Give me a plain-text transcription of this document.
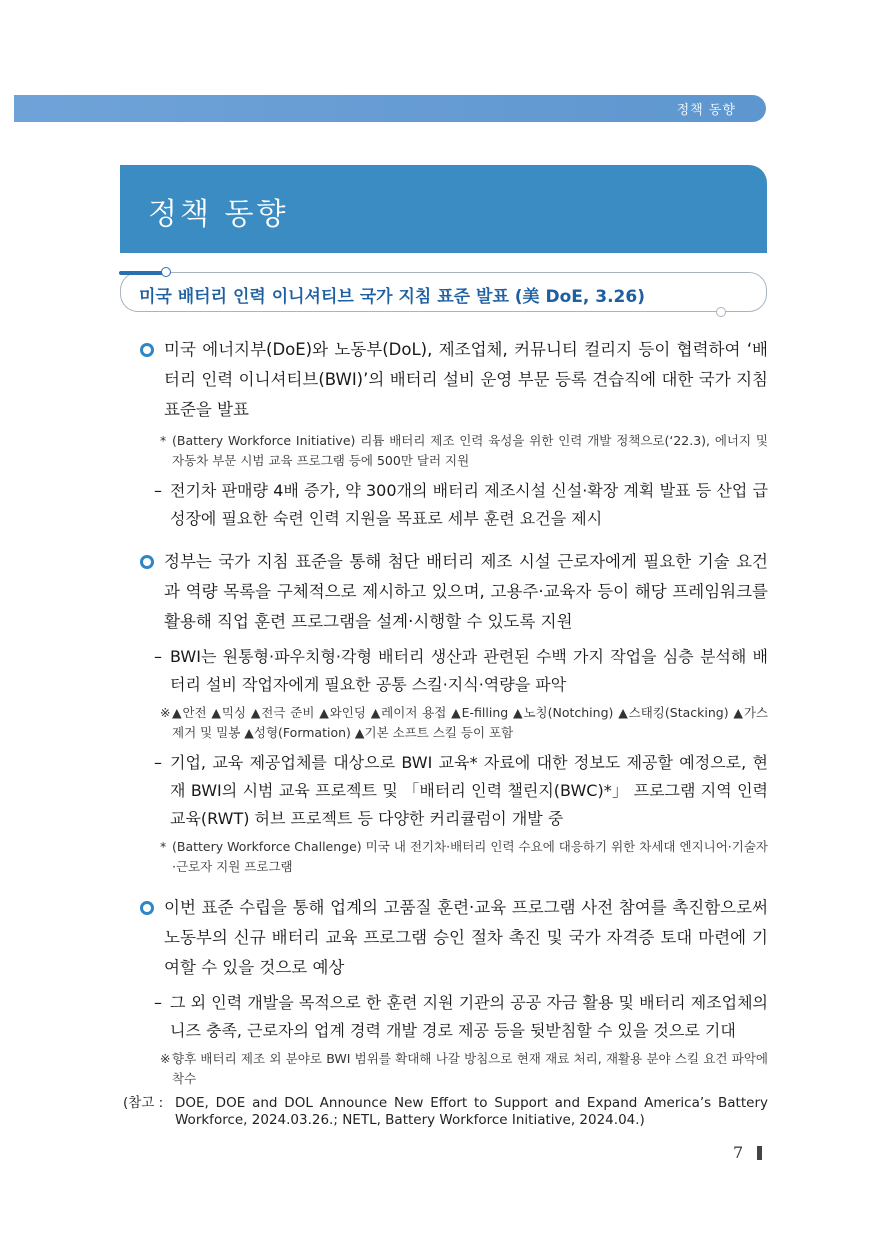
정책 동향
정책 동향
미국 배터리 인력 이니셔티브 국가 지침 표준 발표 (美 DoE, 3.26)
미국 에너지부(DoE)와 노동부(DoL), 제조업체, 커뮤니티 컬리지 등이 협력하여 ‘배터리 인력 이니셔티브(BWI)’의 배터리 설비 운영 부문 등록 견습직에 대한 국가 지침 표준을 발표
* (Battery Workforce Initiative) 리튬 배터리 제조 인력 육성을 위한 인력 개발 정책으로(‘22.3), 에너지 및 자동차 부문 시범 교육 프로그램 등에 500만 달러 지원
– 전기차 판매량 4배 증가, 약 300개의 배터리 제조시설 신설·확장 계획 발표 등 산업 급성장에 필요한 숙련 인력 지원을 목표로 세부 훈련 요건을 제시
정부는 국가 지침 표준을 통해 첨단 배터리 제조 시설 근로자에게 필요한 기술 요건과 역량 목록을 구체적으로 제시하고 있으며, 고용주·교육자 등이 해당 프레임워크를 활용해 직업 훈련 프로그램을 설계·시행할 수 있도록 지원
– BWI는 원통형·파우치형·각형 배터리 생산과 관련된 수백 가지 작업을 심층 분석해 배터리 설비 작업자에게 필요한 공통 스킬·지식·역량을 파악
※ ▲안전 ▲믹싱 ▲전극 준비 ▲와인딩 ▲레이저 용접 ▲E-filling ▲노칭(Notching) ▲스태킹(Stacking) ▲가스 제거 및 밀봉 ▲성형(Formation) ▲기본 소프트 스킬 등이 포함
– 기업, 교육 제공업체를 대상으로 BWI 교육* 자료에 대한 정보도 제공할 예정으로, 현재 BWI의 시범 교육 프로젝트 및 「배터리 인력 챌린지(BWC)*」 프로그램 지역 인력 교육(RWT) 허브 프로젝트 등 다양한 커리큘럼이 개발 중
* (Battery Workforce Challenge) 미국 내 전기차·배터리 인력 수요에 대응하기 위한 차세대 엔지니어·기술자·근로자 지원 프로그램
이번 표준 수립을 통해 업계의 고품질 훈련·교육 프로그램 사전 참여를 촉진함으로써 노동부의 신규 배터리 교육 프로그램 승인 절차 촉진 및 국가 자격증 토대 마련에 기여할 수 있을 것으로 예상
– 그 외 인력 개발을 목적으로 한 훈련 지원 기관의 공공 자금 활용 및 배터리 제조업체의 니즈 충족, 근로자의 업계 경력 개발 경로 제공 등을 뒷받침할 수 있을 것으로 기대
※ 향후 배터리 제조 외 분야로 BWI 범위를 확대해 나갈 방침으로 현재 재료 처리, 재활용 분야 스킬 요건 파악에 착수
(참고 : DOE, DOE and DOL Announce New Effort to Support and Expand America’s Battery Workforce, 2024.03.26.; NETL, Battery Workforce Initiative, 2024.04.)
7
